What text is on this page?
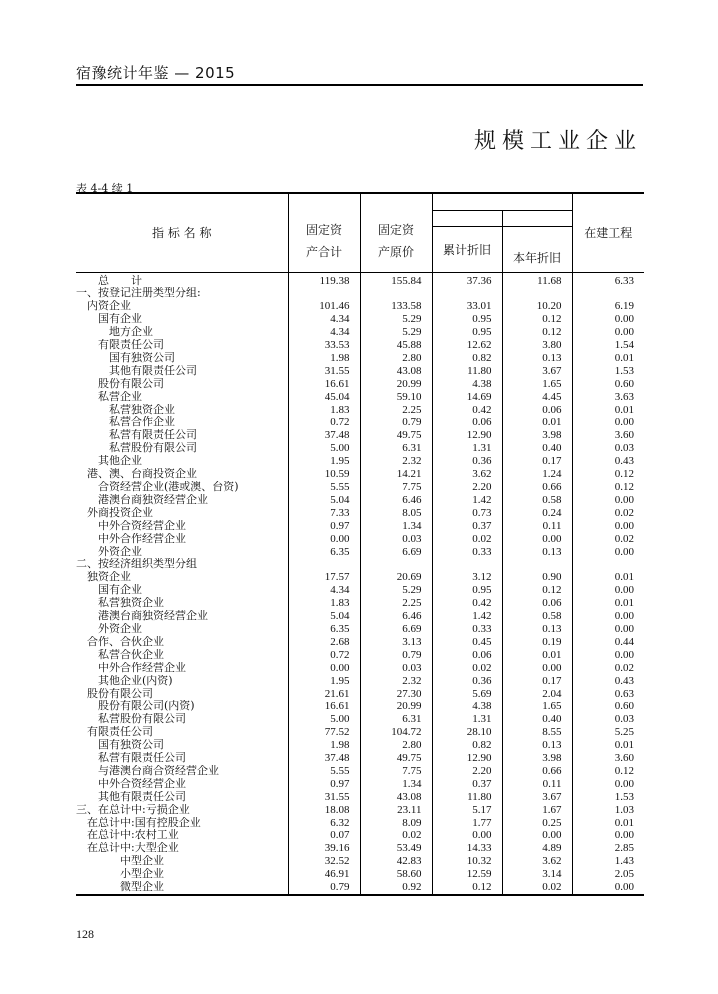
宿豫统计年鉴 — 2015
规模工业企业
表 4-4 续 1
指 标 名 称					在建工程
	固定资产合计	固定资产原价			
			累计折旧	本年折旧	
总　　计	119.38	155.84	37.36	11.68	6.33
一、按登记注册类型分组:					
内资企业	101.46	133.58	33.01	10.20	6.19
国有企业	4.34	5.29	0.95	0.12	0.00
地方企业	4.34	5.29	0.95	0.12	0.00
有限责任公司	33.53	45.88	12.62	3.80	1.54
国有独资公司	1.98	2.80	0.82	0.13	0.01
其他有限责任公司	31.55	43.08	11.80	3.67	1.53
股份有限公司	16.61	20.99	4.38	1.65	0.60
私营企业	45.04	59.10	14.69	4.45	3.63
私营独资企业	1.83	2.25	0.42	0.06	0.01
私营合作企业	0.72	0.79	0.06	0.01	0.00
私营有限责任公司	37.48	49.75	12.90	3.98	3.60
私营股份有限公司	5.00	6.31	1.31	0.40	0.03
其他企业	1.95	2.32	0.36	0.17	0.43
港、澳、台商投资企业	10.59	14.21	3.62	1.24	0.12
合资经营企业(港或澳、台资)	5.55	7.75	2.20	0.66	0.12
港澳台商独资经营企业	5.04	6.46	1.42	0.58	0.00
外商投资企业	7.33	8.05	0.73	0.24	0.02
中外合资经营企业	0.97	1.34	0.37	0.11	0.00
中外合作经营企业	0.00	0.03	0.02	0.00	0.02
外资企业	6.35	6.69	0.33	0.13	0.00
二、按经济组织类型分组					
独资企业	17.57	20.69	3.12	0.90	0.01
国有企业	4.34	5.29	0.95	0.12	0.00
私营独资企业	1.83	2.25	0.42	0.06	0.01
港澳台商独资经营企业	5.04	6.46	1.42	0.58	0.00
外资企业	6.35	6.69	0.33	0.13	0.00
合作、合伙企业	2.68	3.13	0.45	0.19	0.44
私营合伙企业	0.72	0.79	0.06	0.01	0.00
中外合作经营企业	0.00	0.03	0.02	0.00	0.02
其他企业(内资)	1.95	2.32	0.36	0.17	0.43
股份有限公司	21.61	27.30	5.69	2.04	0.63
股份有限公司(内资)	16.61	20.99	4.38	1.65	0.60
私营股份有限公司	5.00	6.31	1.31	0.40	0.03
有限责任公司	77.52	104.72	28.10	8.55	5.25
国有独资公司	1.98	2.80	0.82	0.13	0.01
私营有限责任公司	37.48	49.75	12.90	3.98	3.60
与港澳台商合资经营企业	5.55	7.75	2.20	0.66	0.12
中外合资经营企业	0.97	1.34	0.37	0.11	0.00
其他有限责任公司	31.55	43.08	11.80	3.67	1.53
三、在总计中:亏损企业	18.08	23.11	5.17	1.67	1.03
在总计中:国有控股企业	6.32	8.09	1.77	0.25	0.01
在总计中:农村工业	0.07	0.02	0.00	0.00	0.00
在总计中:大型企业	39.16	53.49	14.33	4.89	2.85
中型企业	32.52	42.83	10.32	3.62	1.43
小型企业	46.91	58.60	12.59	3.14	2.05
微型企业	0.79	0.92	0.12	0.02	0.00
128
